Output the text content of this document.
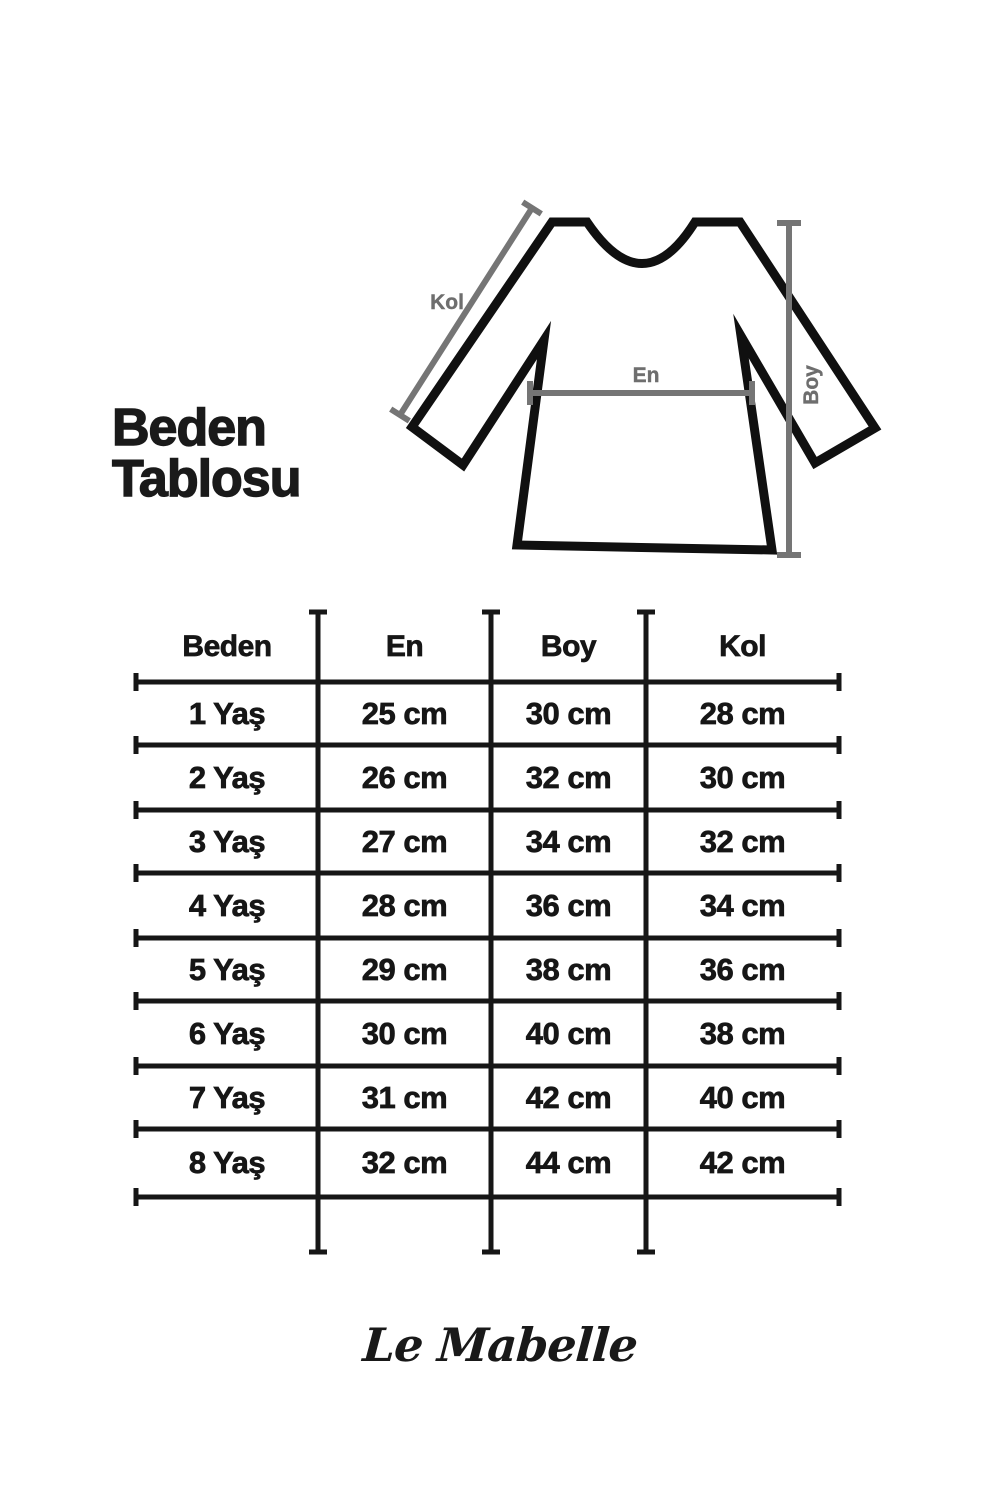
Beden
Tablosu
Kol
En	Boy
Beden	En	Boy	Kol
1 Yaş	25 cm	30 cm	28 cm
2 Yaş	26 cm	32 cm	30 cm
3 Yaş	27 cm	34 cm	32 cm
4 Yaş	28 cm	36 cm	34 cm
5 Yaş	29 cm	38 cm	36 cm
6 Yaş	30 cm	40 cm	38 cm
7 Yaş	31 cm	42 cm	40 cm
8 Yaş	32 cm	44 cm	42 cm
Le Mabelle
